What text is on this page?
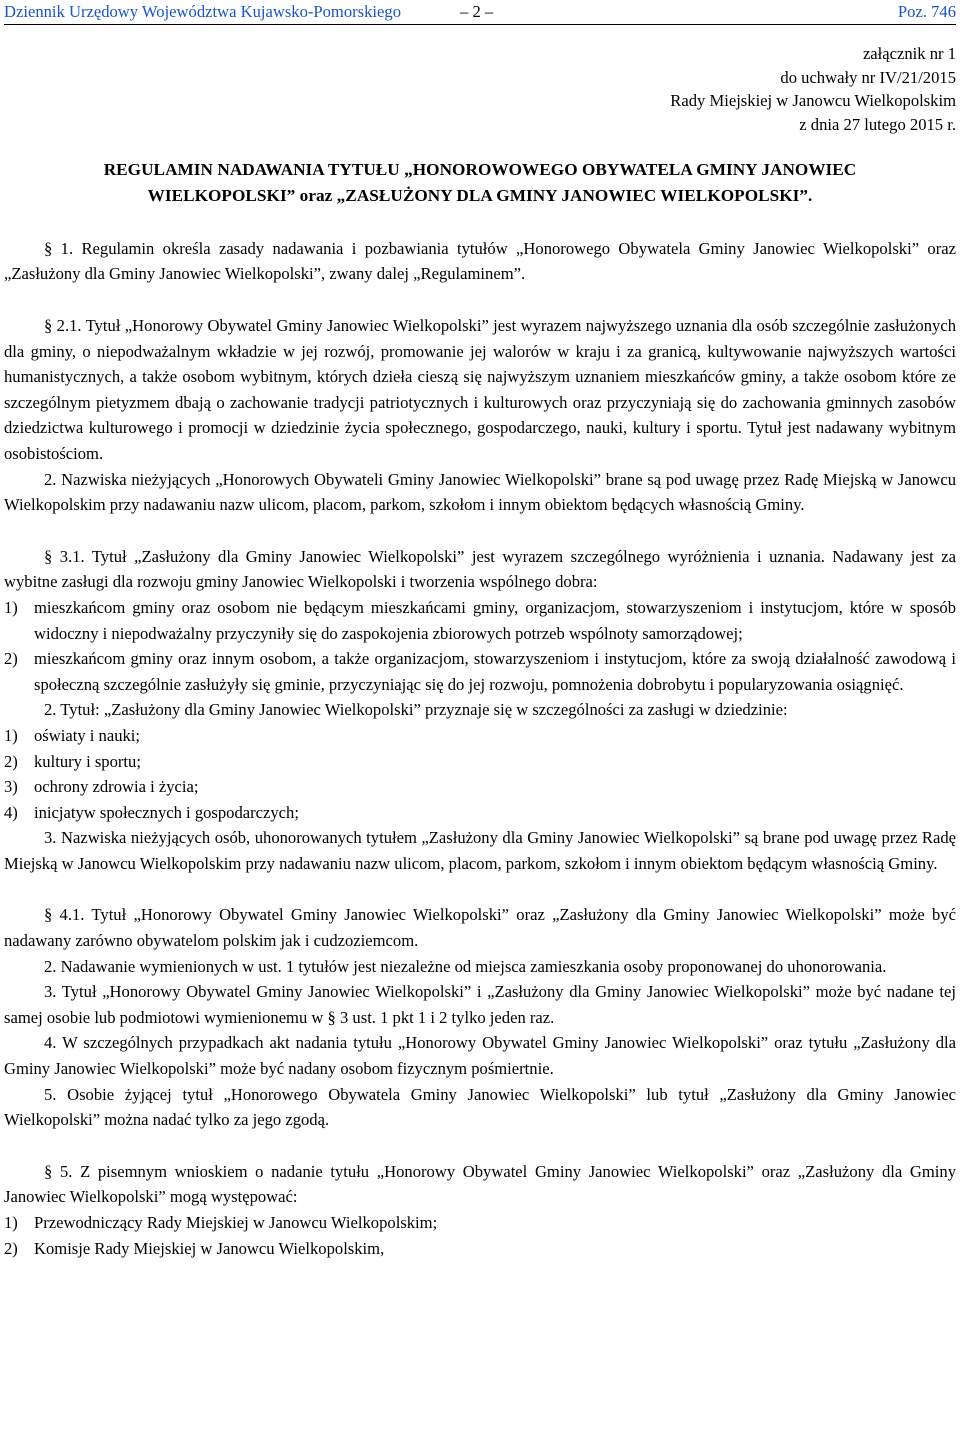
Dziennik Urzędowy Województwa Kujawsko-Pomorskiego	– 2 –	Poz. 746
załącznik nr 1
do uchwały nr IV/21/2015
Rady Miejskiej w Janowcu Wielkopolskim
z dnia 27 lutego 2015 r.
REGULAMIN NADAWANIA TYTUŁU „HONOROWOWEGO OBYWATELA GMINY JANOWIEC
WIELKOPOLSKI” oraz „ZASŁUŻONY DLA GMINY JANOWIEC WIELKOPOLSKI”.

§ 1. Regulamin określa zasady nadawania i pozbawiania tytułów „Honorowego Obywatela Gminy Janowiec Wielkopolski” oraz „Zasłużony dla Gminy Janowiec Wielkopolski”, zwany dalej „Regulaminem”.

§ 2.1. Tytuł „Honorowy Obywatel Gminy Janowiec Wielkopolski” jest wyrazem najwyższego uznania dla osób szczególnie zasłużonych dla gminy, o niepodważalnym wkładzie w jej rozwój, promowanie jej walorów w kraju i za granicą, kultywowanie najwyższych wartości humanistycznych, a także osobom wybitnym, których dzieła cieszą się najwyższym uznaniem mieszkańców gminy, a także osobom które ze szczególnym pietyzmem dbają o zachowanie tradycji patriotycznych i kulturowych oraz przyczyniają się do zachowania gminnych zasobów dziedzictwa kulturowego i promocji w dziedzinie życia społecznego, gospodarczego, nauki, kultury i sportu. Tytuł jest nadawany wybitnym osobistościom.

2. Nazwiska nieżyjących „Honorowych Obywateli Gminy Janowiec Wielkopolski” brane są pod uwagę przez Radę Miejską w Janowcu Wielkopolskim przy nadawaniu nazw ulicom, placom, parkom, szkołom i innym obiektom będących własnością Gminy.

§ 3.1. Tytuł „Zasłużony dla Gminy Janowiec Wielkopolski” jest wyrazem szczególnego wyróżnienia i uznania. Nadawany jest za wybitne zasługi dla rozwoju gminy Janowiec Wielkopolski i tworzenia wspólnego dobra:

1) mieszkańcom gminy oraz osobom nie będącym mieszkańcami gminy, organizacjom, stowarzyszeniom i instytucjom, które w sposób widoczny i niepodważalny przyczyniły się do zaspokojenia zbiorowych potrzeb wspólnoty samorządowej;
2) mieszkańcom gminy oraz innym osobom, a także organizacjom, stowarzyszeniom i instytucjom, które za swoją działalność zawodową i społeczną szczególnie zasłużyły się gminie, przyczyniając się do jej rozwoju, pomnożenia dobrobytu i popularyzowania osiągnięć.

2. Tytuł: „Zasłużony dla Gminy Janowiec Wielkopolski” przyznaje się w szczególności za zasługi w dziedzinie:

1) oświaty i nauki;
2) kultury i sportu;
3) ochrony zdrowia i życia;
4) inicjatyw społecznych i gospodarczych;

3. Nazwiska nieżyjących osób, uhonorowanych tytułem „Zasłużony dla Gminy Janowiec Wielkopolski” są brane pod uwagę przez Radę Miejską w Janowcu Wielkopolskim przy nadawaniu nazw ulicom, placom, parkom, szkołom i innym obiektom będącym własnością Gminy.

§ 4.1. Tytuł „Honorowy Obywatel Gminy Janowiec Wielkopolski” oraz „Zasłużony dla Gminy Janowiec Wielkopolski” może być nadawany zarówno obywatelom polskim jak i cudzoziemcom.

2. Nadawanie wymienionych w ust. 1 tytułów jest niezależne od miejsca zamieszkania osoby proponowanej do uhonorowania.

3. Tytuł „Honorowy Obywatel Gminy Janowiec Wielkopolski” i „Zasłużony dla Gminy Janowiec Wielkopolski” może być nadane tej samej osobie lub podmiotowi wymienionemu w § 3 ust. 1 pkt 1 i 2 tylko jeden raz.

4. W szczególnych przypadkach akt nadania tytułu „Honorowy Obywatel Gminy Janowiec Wielkopolski” oraz tytułu „Zasłużony dla Gminy Janowiec Wielkopolski” może być nadany osobom fizycznym pośmiertnie.

5. Osobie żyjącej tytuł „Honorowego Obywatela Gminy Janowiec Wielkopolski” lub tytuł „Zasłużony dla Gminy Janowiec Wielkopolski” można nadać tylko za jego zgodą.

§ 5. Z pisemnym wnioskiem o nadanie tytułu „Honorowy Obywatel Gminy Janowiec Wielkopolski” oraz „Zasłużony dla Gminy Janowiec Wielkopolski” mogą występować:

1) Przewodniczący Rady Miejskiej w Janowcu Wielkopolskim;
2) Komisje Rady Miejskiej w Janowcu Wielkopolskim,
